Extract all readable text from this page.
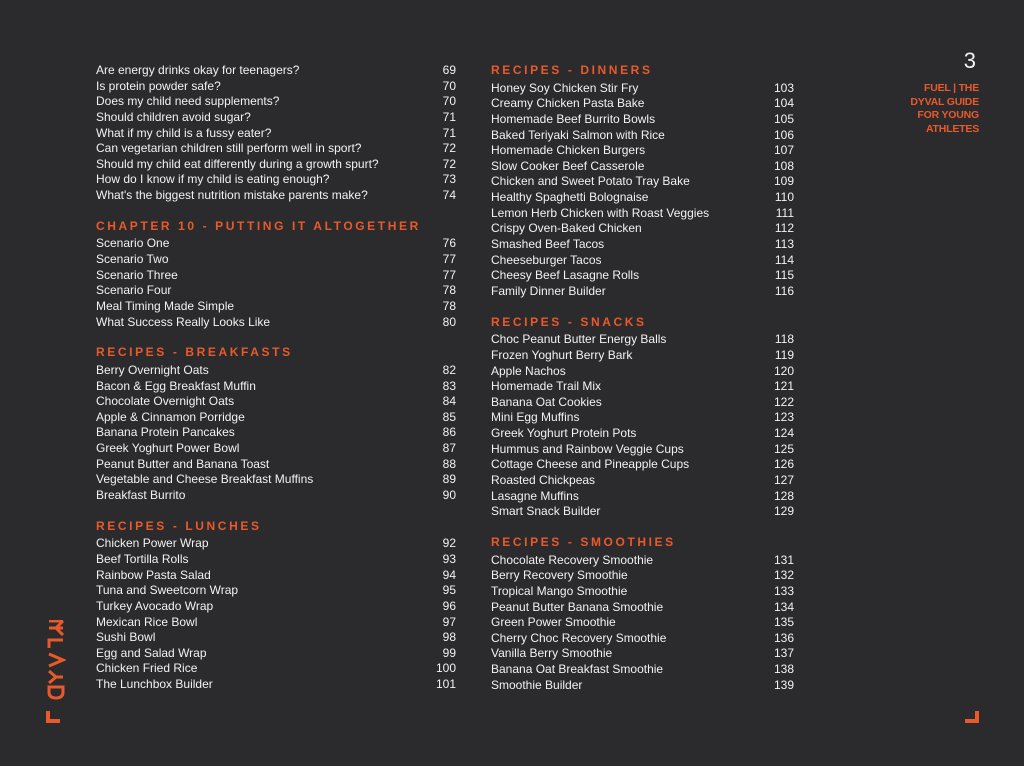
Are energy drinks okay for teenagers?	69
Is protein powder safe?	70
Does my child need supplements?	70
Should children avoid sugar?	71
What if my child is a fussy eater?	71
Can vegetarian children still perform well in sport?	72
Should my child eat differently during a growth spurt?	72
How do I know if my child is eating enough?	73
What's the biggest nutrition mistake parents make?	74
CHAPTER 10 - PUTTING IT ALTOGETHER
Scenario One	76
Scenario Two	77
Scenario Three	77
Scenario Four	78
Meal Timing Made Simple	78
What Success Really Looks Like	80
RECIPES - BREAKFASTS
Berry Overnight Oats	82
Bacon & Egg Breakfast Muffin	83
Chocolate Overnight Oats	84
Apple & Cinnamon Porridge	85
Banana Protein Pancakes	86
Greek Yoghurt Power Bowl	87
Peanut Butter and Banana Toast	88
Vegetable and Cheese Breakfast Muffins	89
Breakfast Burrito	90
RECIPES - LUNCHES
Chicken Power Wrap	92
Beef Tortilla Rolls	93
Rainbow Pasta Salad	94
Tuna and Sweetcorn Wrap	95
Turkey Avocado Wrap	96
Mexican Rice Bowl	97
Sushi Bowl	98
Egg and Salad Wrap	99
Chicken Fried Rice	100
The Lunchbox Builder	101
RECIPES - DINNERS
Honey Soy Chicken Stir Fry	103
Creamy Chicken Pasta Bake	104
Homemade Beef Burrito Bowls	105
Baked Teriyaki Salmon with Rice	106
Homemade Chicken Burgers	107
Slow Cooker Beef Casserole	108
Chicken and Sweet Potato Tray Bake	109
Healthy Spaghetti Bolognaise	110
Lemon Herb Chicken with Roast Veggies	111
Crispy Oven-Baked Chicken	112
Smashed Beef Tacos	113
Cheeseburger Tacos	114
Cheesy Beef Lasagne Rolls	115
Family Dinner Builder	116
RECIPES - SNACKS
Choc Peanut Butter Energy Balls	118
Frozen Yoghurt Berry Bark	119
Apple Nachos	120
Homemade Trail Mix	121
Banana Oat Cookies	122
Mini Egg Muffins	123
Greek Yoghurt Protein Pots	124
Hummus and Rainbow Veggie Cups	125
Cottage Cheese and Pineapple Cups	126
Roasted Chickpeas	127
Lasagne Muffins	128
Smart Snack Builder	129
RECIPES - SMOOTHIES
Chocolate Recovery Smoothie	131
Berry Recovery Smoothie	132
Tropical Mango Smoothie	133
Peanut Butter Banana Smoothie	134
Green Power Smoothie	135
Cherry Choc Recovery Smoothie	136
Vanilla Berry Smoothie	137
Banana Oat Breakfast Smoothie	138
Smoothie Builder	139
3
FUEL | THE
DYVAL GUIDE
FOR YOUNG
ATHLETES
